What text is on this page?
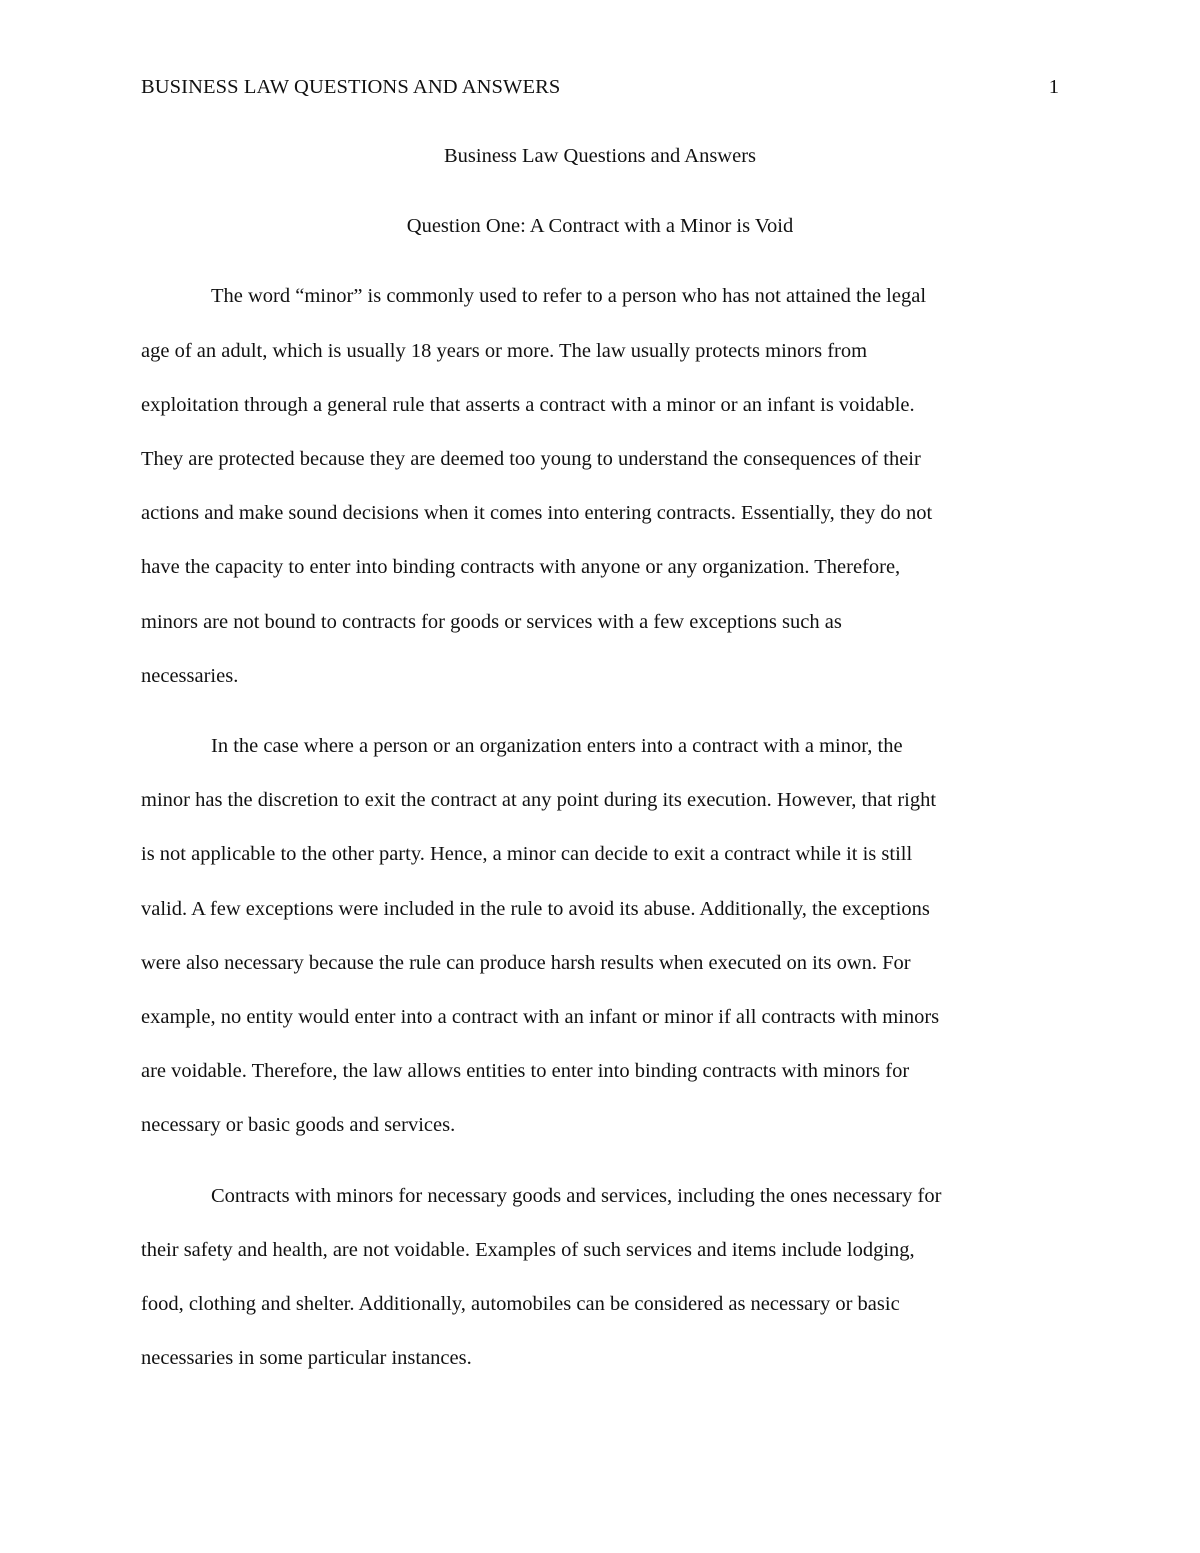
BUSINESS LAW QUESTIONS AND ANSWERS	1

Business Law Questions and Answers

Question One: A Contract with a Minor is Void

The word “minor” is commonly used to refer to a person who has not attained the legal
age of an adult, which is usually 18 years or more. The law usually protects minors from
exploitation through a general rule that asserts a contract with a minor or an infant is voidable.
They are protected because they are deemed too young to understand the consequences of their
actions and make sound decisions when it comes into entering contracts. Essentially, they do not
have the capacity to enter into binding contracts with anyone or any organization. Therefore,
minors are not bound to contracts for goods or services with a few exceptions such as
necessaries.

In the case where a person or an organization enters into a contract with a minor, the
minor has the discretion to exit the contract at any point during its execution. However, that right
is not applicable to the other party. Hence, a minor can decide to exit a contract while it is still
valid. A few exceptions were included in the rule to avoid its abuse. Additionally, the exceptions
were also necessary because the rule can produce harsh results when executed on its own. For
example, no entity would enter into a contract with an infant or minor if all contracts with minors
are voidable. Therefore, the law allows entities to enter into binding contracts with minors for
necessary or basic goods and services.

Contracts with minors for necessary goods and services, including the ones necessary for
their safety and health, are not voidable. Examples of such services and items include lodging,
food, clothing and shelter. Additionally, automobiles can be considered as necessary or basic
necessaries in some particular instances.
